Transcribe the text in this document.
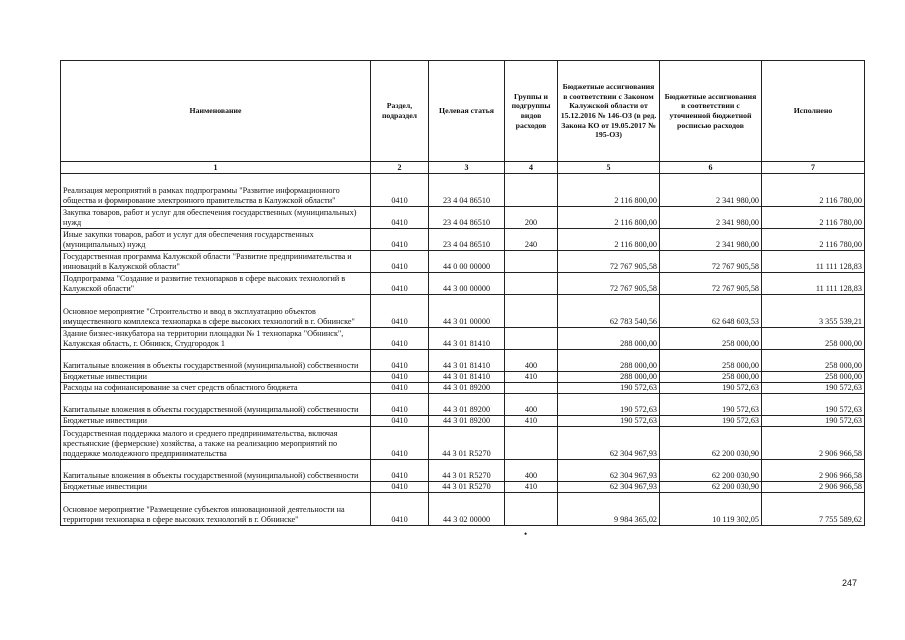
Наименование	Раздел, подраздел	Целевая статья	Группы и подгруппы видов расходов	Бюджетные ассигнования в соответствии с Законом Калужской области от 15.12.2016 № 146-ОЗ (в ред. Закона КО от 19.05.2017 № 195-ОЗ)	Бюджетные ассигнования в соответствии с уточненной бюджетной росписью расходов	Исполнено
1	2	3	4	5	6	7
Реализация мероприятий в рамках подпрограммы "Развитие информационного общества и формирование электронного правительства в Калужской области"	0410	23 4 04 86510		2 116 800,00	2 341 980,00	2 116 780,00
Закупка товаров, работ и услуг для обеспечения государственных (муниципальных) нужд	0410	23 4 04 86510	200	2 116 800,00	2 341 980,00	2 116 780,00
Иные закупки товаров, работ и услуг для обеспечения государственных (муниципальных) нужд	0410	23 4 04 86510	240	2 116 800,00	2 341 980,00	2 116 780,00
Государственная программа Калужской области "Развитие предпринимательства и инноваций в Калужской области"	0410	44 0 00 00000		72 767 905,58	72 767 905,58	11 111 128,83
Подпрограмма "Создание и развитие технопарков в сфере высоких технологий в Калужской области"	0410	44 3 00 00000		72 767 905,58	72 767 905,58	11 111 128,83
Основное мероприятие "Строительство и ввод в эксплуатацию объектов имущественного комплекса технопарка в сфере высоких технологий в г. Обнинске"	0410	44 3 01 00000		62 783 540,56	62 648 603,53	3 355 539,21
Здание бизнес-инкубатора на территории площадки № 1 технопарка "Обнинск", Калужская область, г. Обнинск, Студгородок 1	0410	44 3 01 81410		288 000,00	258 000,00	258 000,00
Капитальные вложения в объекты государственной (муниципальной) собственности	0410	44 3 01 81410	400	288 000,00	258 000,00	258 000,00
Бюджетные инвестиции	0410	44 3 01 81410	410	288 000,00	258 000,00	258 000,00
Расходы на софинансирование за счет средств областного бюджета	0410	44 3 01 89200		190 572,63	190 572,63	190 572,63
Капитальные вложения в объекты государственной (муниципальной) собственности	0410	44 3 01 89200	400	190 572,63	190 572,63	190 572,63
Бюджетные инвестиции	0410	44 3 01 89200	410	190 572,63	190 572,63	190 572,63
Государственная поддержка малого и среднего предпринимательства, включая крестьянские (фермерские) хозяйства, а также на реализацию мероприятий по поддержке молодежного предпринимательства	0410	44 3 01 R5270		62 304 967,93	62 200 030,90	2 906 966,58
Капитальные вложения в объекты государственной (муниципальной) собственности	0410	44 3 01 R5270	400	62 304 967,93	62 200 030,90	2 906 966,58
Бюджетные инвестиции	0410	44 3 01 R5270	410	62 304 967,93	62 200 030,90	2 906 966,58
Основное мероприятие "Размещение субъектов инновационной деятельности на территории технопарка в сфере высоких технологий в г. Обнинске"	0410	44 3 02 00000		9 984 365,02	10 119 302,05	7 755 589,62
•
247
